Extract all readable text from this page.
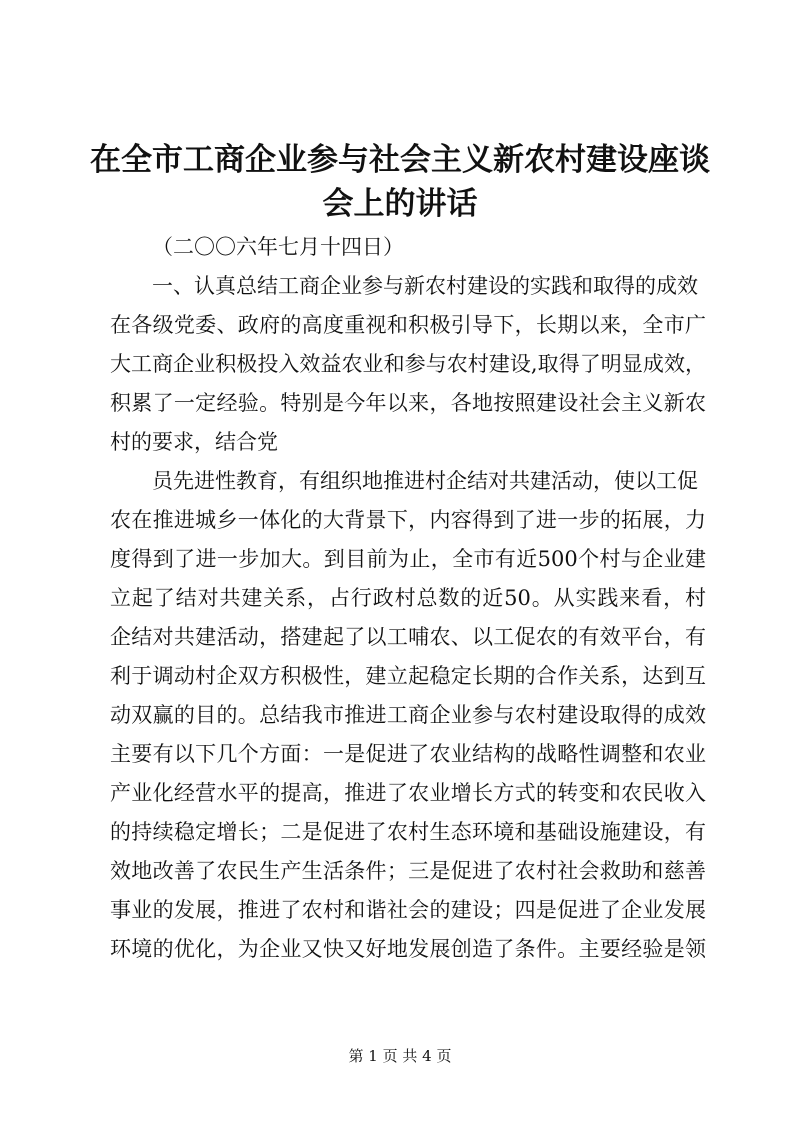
在全市工商企业参与社会主义新农村建设座谈
会上的讲话
（二〇〇六年七月十四日）
一、认真总结工商企业参与新农村建设的实践和取得的成效
在各级党委、政府的高度重视和积极引导下，长期以来，全市广
大工商企业积极投入效益农业和参与农村建设,取得了明显成效，
积累了一定经验。特别是今年以来，各地按照建设社会主义新农
村的要求，结合党
员先进性教育，有组织地推进村企结对共建活动，使以工促
农在推进城乡一体化的大背景下，内容得到了进一步的拓展，力
度得到了进一步加大。到目前为止，全市有近500个村与企业建
立起了结对共建关系，占行政村总数的近50。从实践来看，村
企结对共建活动，搭建起了以工哺农、以工促农的有效平台，有
利于调动村企双方积极性，建立起稳定长期的合作关系，达到互
动双赢的目的。总结我市推进工商企业参与农村建设取得的成效
主要有以下几个方面：一是促进了农业结构的战略性调整和农业
产业化经营水平的提高，推进了农业增长方式的转变和农民收入
的持续稳定增长；二是促进了农村生态环境和基础设施建设，有
效地改善了农民生产生活条件；三是促进了农村社会救助和慈善
事业的发展，推进了农村和谐社会的建设；四是促进了企业发展
环境的优化，为企业又快又好地发展创造了条件。主要经验是领
第 1 页 共 4 页
